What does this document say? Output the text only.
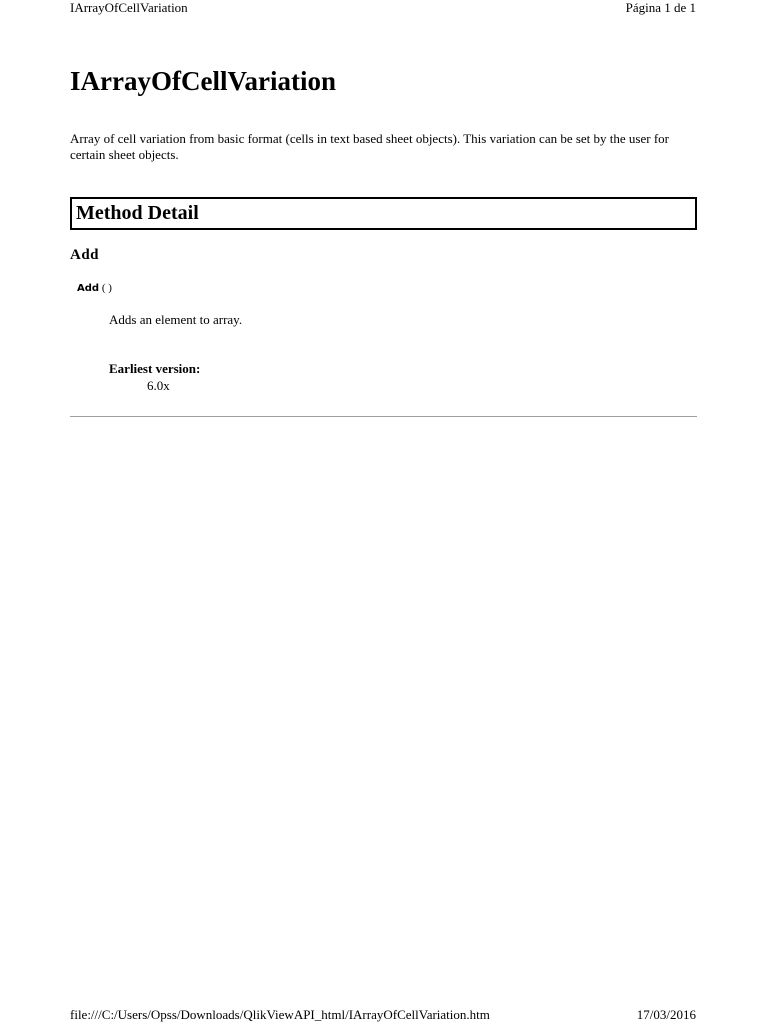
IArrayOfCellVariation	Página 1 de 1
IArrayOfCellVariation

Array of cell variation from basic format (cells in text based sheet objects). This variation can be set by the user for certain sheet objects.

Method Detail
Add
Add ( )

Adds an element to array.

Earliest version:
6.0x
file:///C:/Users/Opss/Downloads/QlikViewAPI_html/IArrayOfCellVariation.htm	17/03/2016
